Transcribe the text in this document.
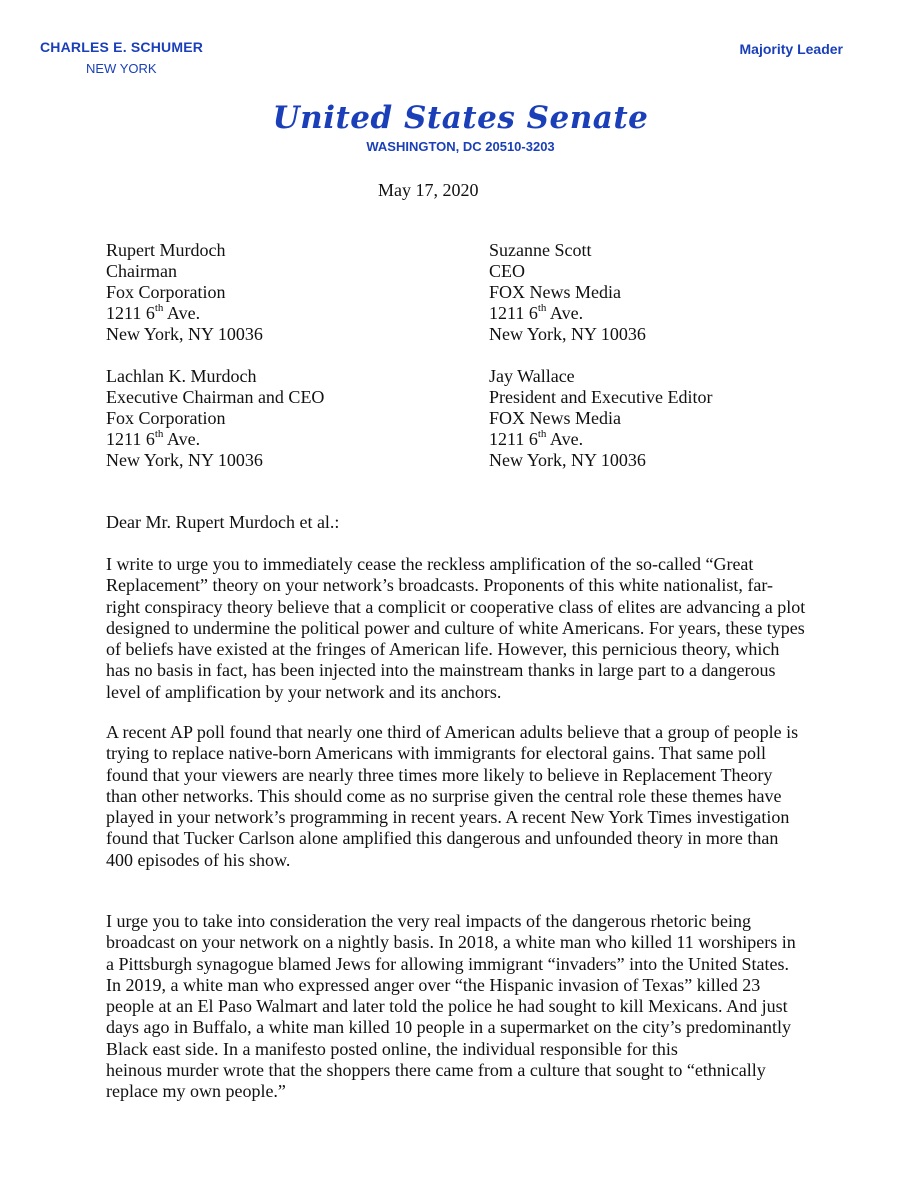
CHARLES E. SCHUMER
NEW YORK
Majority Leader
United States Senate
WASHINGTON, DC 20510-3203
May 17, 2020
Rupert Murdoch
Chairman
Fox Corporation
1211 6th Ave.
New York, NY 10036
Suzanne Scott
CEO
FOX News Media
1211 6th Ave.
New York, NY 10036
Lachlan K. Murdoch
Executive Chairman and CEO
Fox Corporation
1211 6th Ave.
New York, NY 10036
Jay Wallace
President and Executive Editor
FOX News Media
1211 6th Ave.
New York, NY 10036
Dear Mr. Rupert Murdoch et al.:
I write to urge you to immediately cease the reckless amplification of the so-called “Great
Replacement” theory on your network’s broadcasts. Proponents of this white nationalist, far-
right conspiracy theory believe that a complicit or cooperative class of elites are advancing a plot
designed to undermine the political power and culture of white Americans. For years, these types
of beliefs have existed at the fringes of American life. However, this pernicious theory, which
has no basis in fact, has been injected into the mainstream thanks in large part to a dangerous
level of amplification by your network and its anchors.
A recent AP poll found that nearly one third of American adults believe that a group of people is
trying to replace native-born Americans with immigrants for electoral gains. That same poll
found that your viewers are nearly three times more likely to believe in Replacement Theory
than other networks. This should come as no surprise given the central role these themes have
played in your network’s programming in recent years. A recent New York Times investigation
found that Tucker Carlson alone amplified this dangerous and unfounded theory in more than
400 episodes of his show.
I urge you to take into consideration the very real impacts of the dangerous rhetoric being
broadcast on your network on a nightly basis. In 2018, a white man who killed 11 worshipers in
a Pittsburgh synagogue blamed Jews for allowing immigrant “invaders” into the United States.
In 2019, a white man who expressed anger over “the Hispanic invasion of Texas” killed 23
people at an El Paso Walmart and later told the police he had sought to kill Mexicans. And just
days ago in Buffalo, a white man killed 10 people in a supermarket on the city’s predominantly
Black east side. In a manifesto posted online, the individual responsible for this
heinous murder wrote that the shoppers there came from a culture that sought to “ethnically
replace my own people.”
